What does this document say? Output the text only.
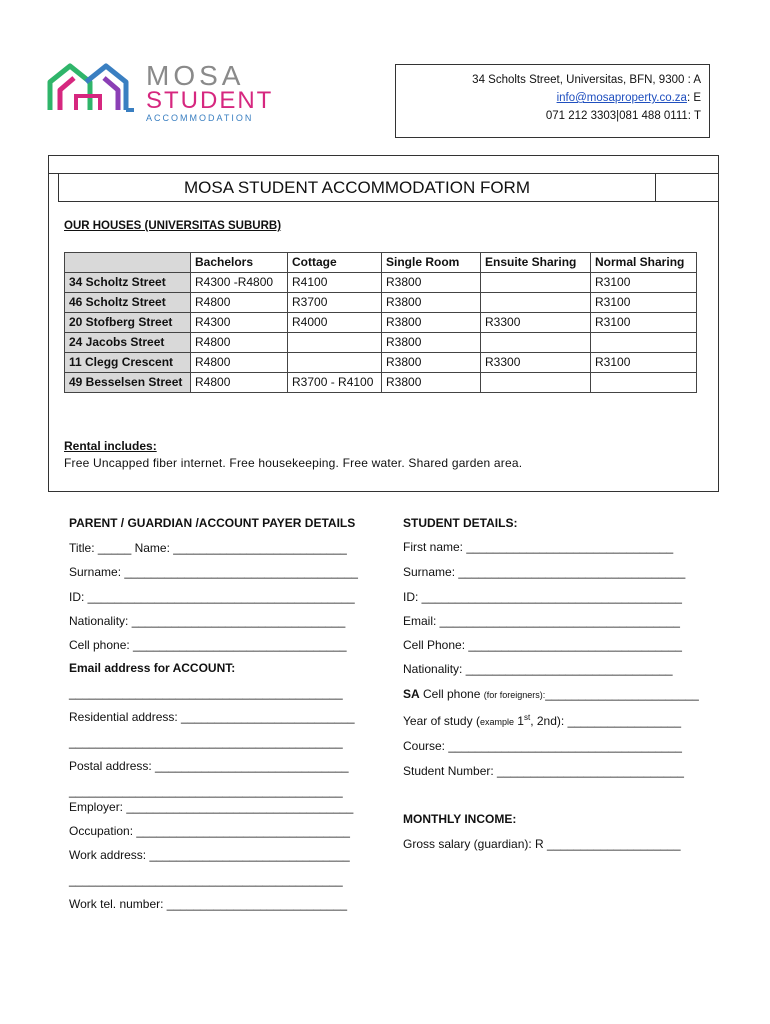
MOSA
STUDENT
ACCOMMODATION
34 Scholts Street, Universitas, BFN, 9300 : A
info@mosaproperty.co.za: E
071 212 3303|081 488 0111: T
MOSA STUDENT ACCOMMODATION FORM
OUR HOUSES (UNIVERSITAS SUBURB)
	Bachelors	Cottage	Single Room	Ensuite Sharing	Normal Sharing
34 Scholtz Street	R4300 -R4800	R4100	R3800		R3100
46 Scholtz Street	R4800	R3700	R3800		R3100
20 Stofberg Street	R4300	R4000	R3800	R3300	R3100
24 Jacobs Street	R4800		R3800		
11 Clegg Crescent	R4800		R3800	R3300	R3100
49 Besselsen Street	R4800	R3700 - R4100	R3800		
Rental includes:
Free Uncapped fiber internet. Free housekeeping. Free water. Shared garden area.
PARENT / GUARDIAN /ACCOUNT PAYER DETAILS
Title: _____ Name: __________________________
Surname: ___________________________________
ID: ________________________________________
Nationality: ________________________________
Cell phone: ________________________________
Email address for ACCOUNT:
_________________________________________
Residential address: __________________________
_________________________________________
Postal address: _____________________________
_________________________________________
Employer: __________________________________
Occupation: ________________________________
Work address: ______________________________
_________________________________________
Work tel. number: ___________________________
STUDENT DETAILS:
First name: _______________________________
Surname: __________________________________
ID: _______________________________________
Email: ____________________________________
Cell Phone: ________________________________
Nationality: _______________________________
SA Cell phone (for foreigners):_______________________
Year of study (example 1st, 2nd): _________________
Course: ___________________________________
Student Number: ____________________________
MONTHLY INCOME:
Gross salary (guardian): R ____________________
